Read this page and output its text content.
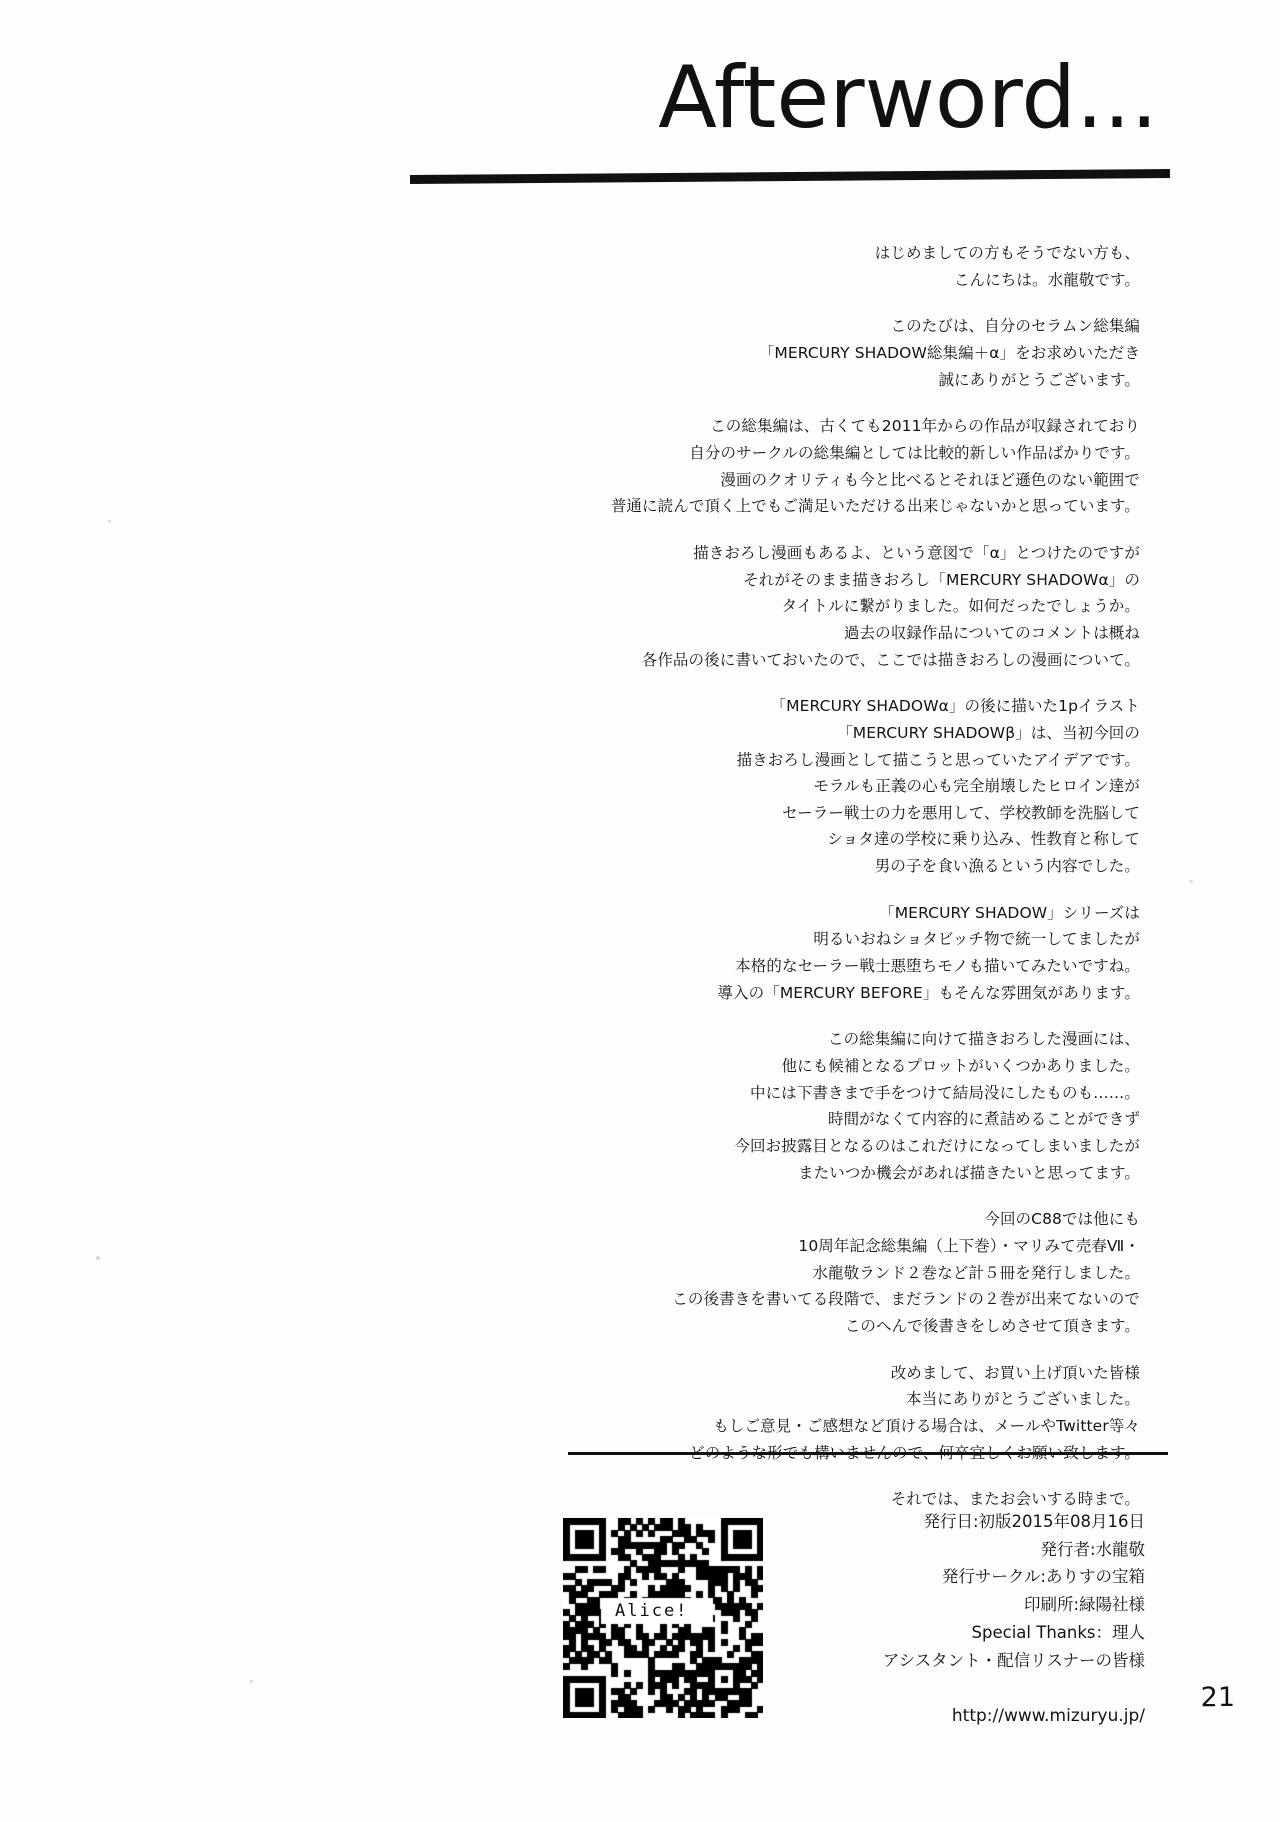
Afterword...

はじめましての方もそうでない方も、
こんにちは。水龍敬です。

このたびは、自分のセラムン総集編
「MERCURY SHADOW総集編＋α」をお求めいただき
誠にありがとうございます。

この総集編は、古くても2011年からの作品が収録されており
自分のサークルの総集編としては比較的新しい作品ばかりです。
漫画のクオリティも今と比べるとそれほど遜色のない範囲で
普通に読んで頂く上でもご満足いただける出来じゃないかと思っています。

描きおろし漫画もあるよ、という意図で「α」とつけたのですが
それがそのまま描きおろし「MERCURY SHADOWα」の
タイトルに繋がりました。如何だったでしょうか。
過去の収録作品についてのコメントは概ね
各作品の後に書いておいたので、ここでは描きおろしの漫画について。

「MERCURY SHADOWα」の後に描いた1pイラスト
「MERCURY SHADOWβ」は、当初今回の
描きおろし漫画として描こうと思っていたアイデアです。
モラルも正義の心も完全崩壊したヒロイン達が
セーラー戦士の力を悪用して、学校教師を洗脳して
ショタ達の学校に乗り込み、性教育と称して
男の子を食い漁るという内容でした。

「MERCURY SHADOW」シリーズは
明るいおねショタビッチ物で統一してましたが
本格的なセーラー戦士悪堕ちモノも描いてみたいですね。
導入の「MERCURY BEFORE」もそんな雰囲気があります。

この総集編に向けて描きおろした漫画には、
他にも候補となるプロットがいくつかありました。
中には下書きまで手をつけて結局没にしたものも……。
時間がなくて内容的に煮詰めることができず
今回お披露目となるのはこれだけになってしまいましたが
またいつか機会があれば描きたいと思ってます。

今回のC88では他にも
10周年記念総集編（上下巻）・マリみて売春Ⅶ・
水龍敬ランド２巻など計５冊を発行しました。
この後書きを書いてる段階で、まだランドの２巻が出来てないので
このへんで後書きをしめさせて頂きます。

改めまして、お買い上げ頂いた皆様
本当にありがとうございました。
もしご意見・ご感想など頂ける場合は、メールやTwitter等々

それでは、またお会いする時まで。

Alice!
発行日:初版2015年08月16日
発行者:水龍敬
発行サークル:ありすの宝箱
印刷所:緑陽社様
Special Thanks：理人
アシスタント・配信リスナーの皆様
http://www.mizuryu.jp/
21
